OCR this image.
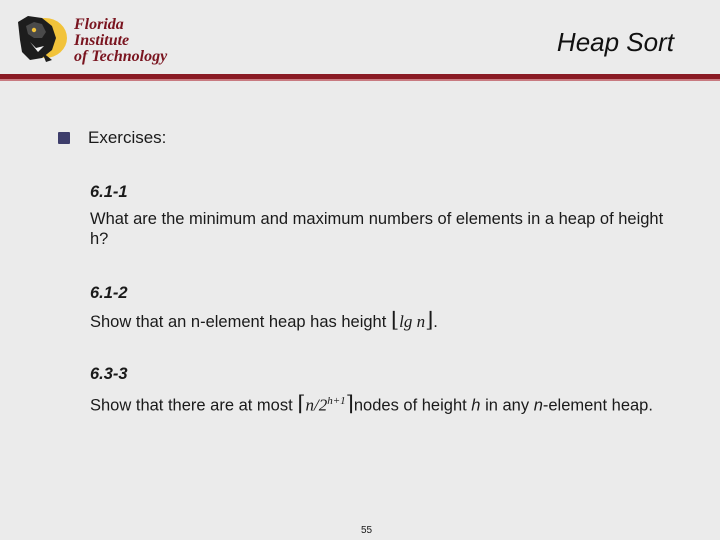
Florida Institute
of Technology	Heap Sort
Exercises:
6.1-1
What are the minimum and maximum numbers of elements in a heap of height h?
6.1-2
Show that an n-element heap has height ⌊lg n⌋.
6.3-3
Show that there are at most $⌈n/2^{h+1}⌉nodes$ of height h in any n-element heap.
55
